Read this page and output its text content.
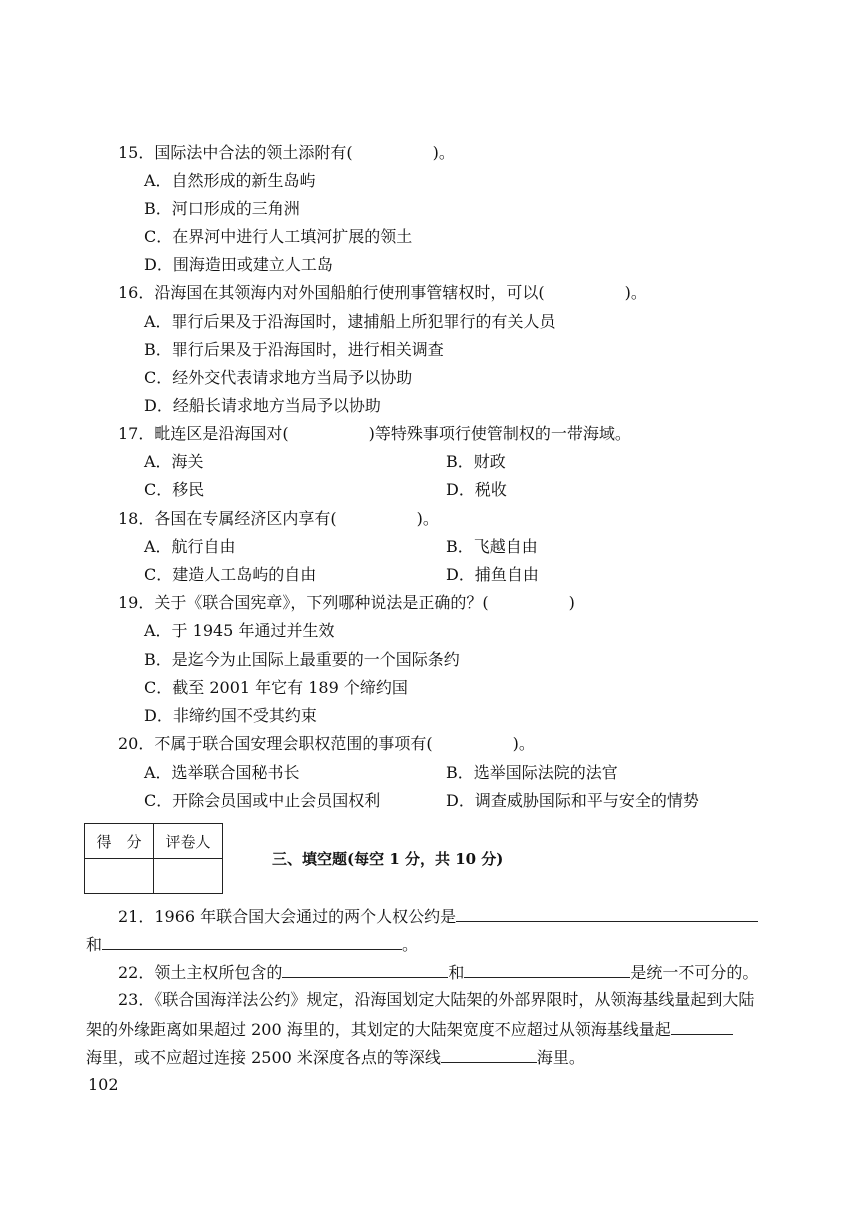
15．国际法中合法的领土添附有(	)。
A．自然形成的新生岛屿
B．河口形成的三角洲
C．在界河中进行人工填河扩展的领土
D．围海造田或建立人工岛
16．沿海国在其领海内对外国船舶行使刑事管辖权时，可以(	)。
A．罪行后果及于沿海国时，逮捕船上所犯罪行的有关人员
B．罪行后果及于沿海国时，进行相关调查
C．经外交代表请求地方当局予以协助
D．经船长请求地方当局予以协助
17．毗连区是沿海国对(	)等特殊事项行使管制权的一带海域。
A．海关	B．财政
C．移民	D．税收
18．各国在专属经济区内享有(	)。
A．航行自由	B．飞越自由
C．建造人工岛屿的自由	D．捕鱼自由
19．关于《联合国宪章》，下列哪种说法是正确的？(	)
A．于 1945 年通过并生效
B．是迄今为止国际上最重要的一个国际条约
C．截至 2001 年它有 189 个缔约国
D．非缔约国不受其约束
20．不属于联合国安理会职权范围的事项有(	)。
A．选举联合国秘书长	B．选举国际法院的法官
C．开除会员国或中止会员国权利	D．调查威胁国际和平与安全的情势
得　分	评卷人

三、填空题(每空 1 分，共 10 分)
21．1966 年联合国大会通过的两个人权公约是
和	。
22．领土主权所包含的	和	是统一不可分的。
23．《联合国海洋法公约》规定，沿海国划定大陆架的外部界限时，从领海基线量起到大陆
架的外缘距离如果超过 200 海里的，其划定的大陆架宽度不应超过从领海基线量起
海里，或不应超过连接 2500 米深度各点的等深线	海里。
102
